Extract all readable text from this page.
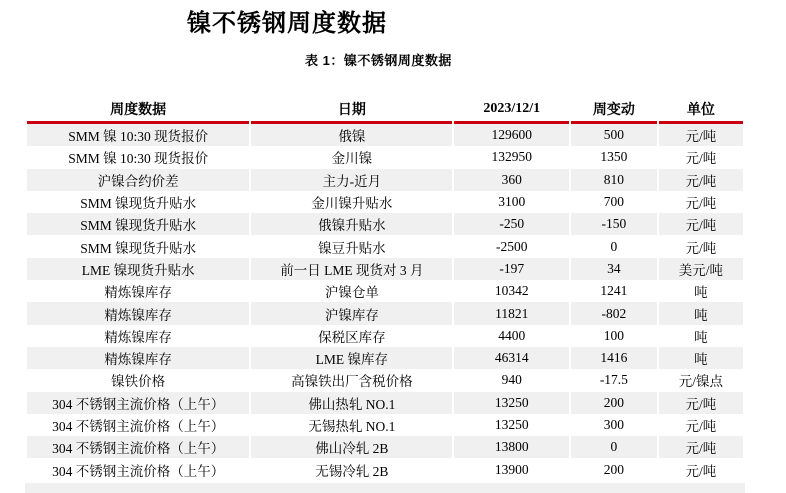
镍不锈钢周度数据
表 1：镍不锈钢周度数据
周度数据	日期	2023/12/1	周变动	单位
SMM 镍 10:30 现货报价	俄镍	129600	500	元/吨
SMM 镍 10:30 现货报价	金川镍	132950	1350	元/吨
沪镍合约价差	主力-近月	360	810	元/吨
SMM 镍现货升贴水	金川镍升贴水	3100	700	元/吨
SMM 镍现货升贴水	俄镍升贴水	-250	-150	元/吨
SMM 镍现货升贴水	镍豆升贴水	-2500	0	元/吨
LME 镍现货升贴水	前一日 LME 现货对 3 月	-197	34	美元/吨
精炼镍库存	沪镍仓单	10342	1241	吨
精炼镍库存	沪镍库存	11821	-802	吨
精炼镍库存	保税区库存	4400	100	吨
精炼镍库存	LME 镍库存	46314	1416	吨
镍铁价格	高镍铁出厂含税价格	940	-17.5	元/镍点
304 不锈钢主流价格（上午）	佛山热轧 NO.1	13250	200	元/吨
304 不锈钢主流价格（上午）	无锡热轧 NO.1	13250	300	元/吨
304 不锈钢主流价格（上午）	佛山冷轧 2B	13800	0	元/吨
304 不锈钢主流价格（上午）	无锡冷轧 2B	13900	200	元/吨
